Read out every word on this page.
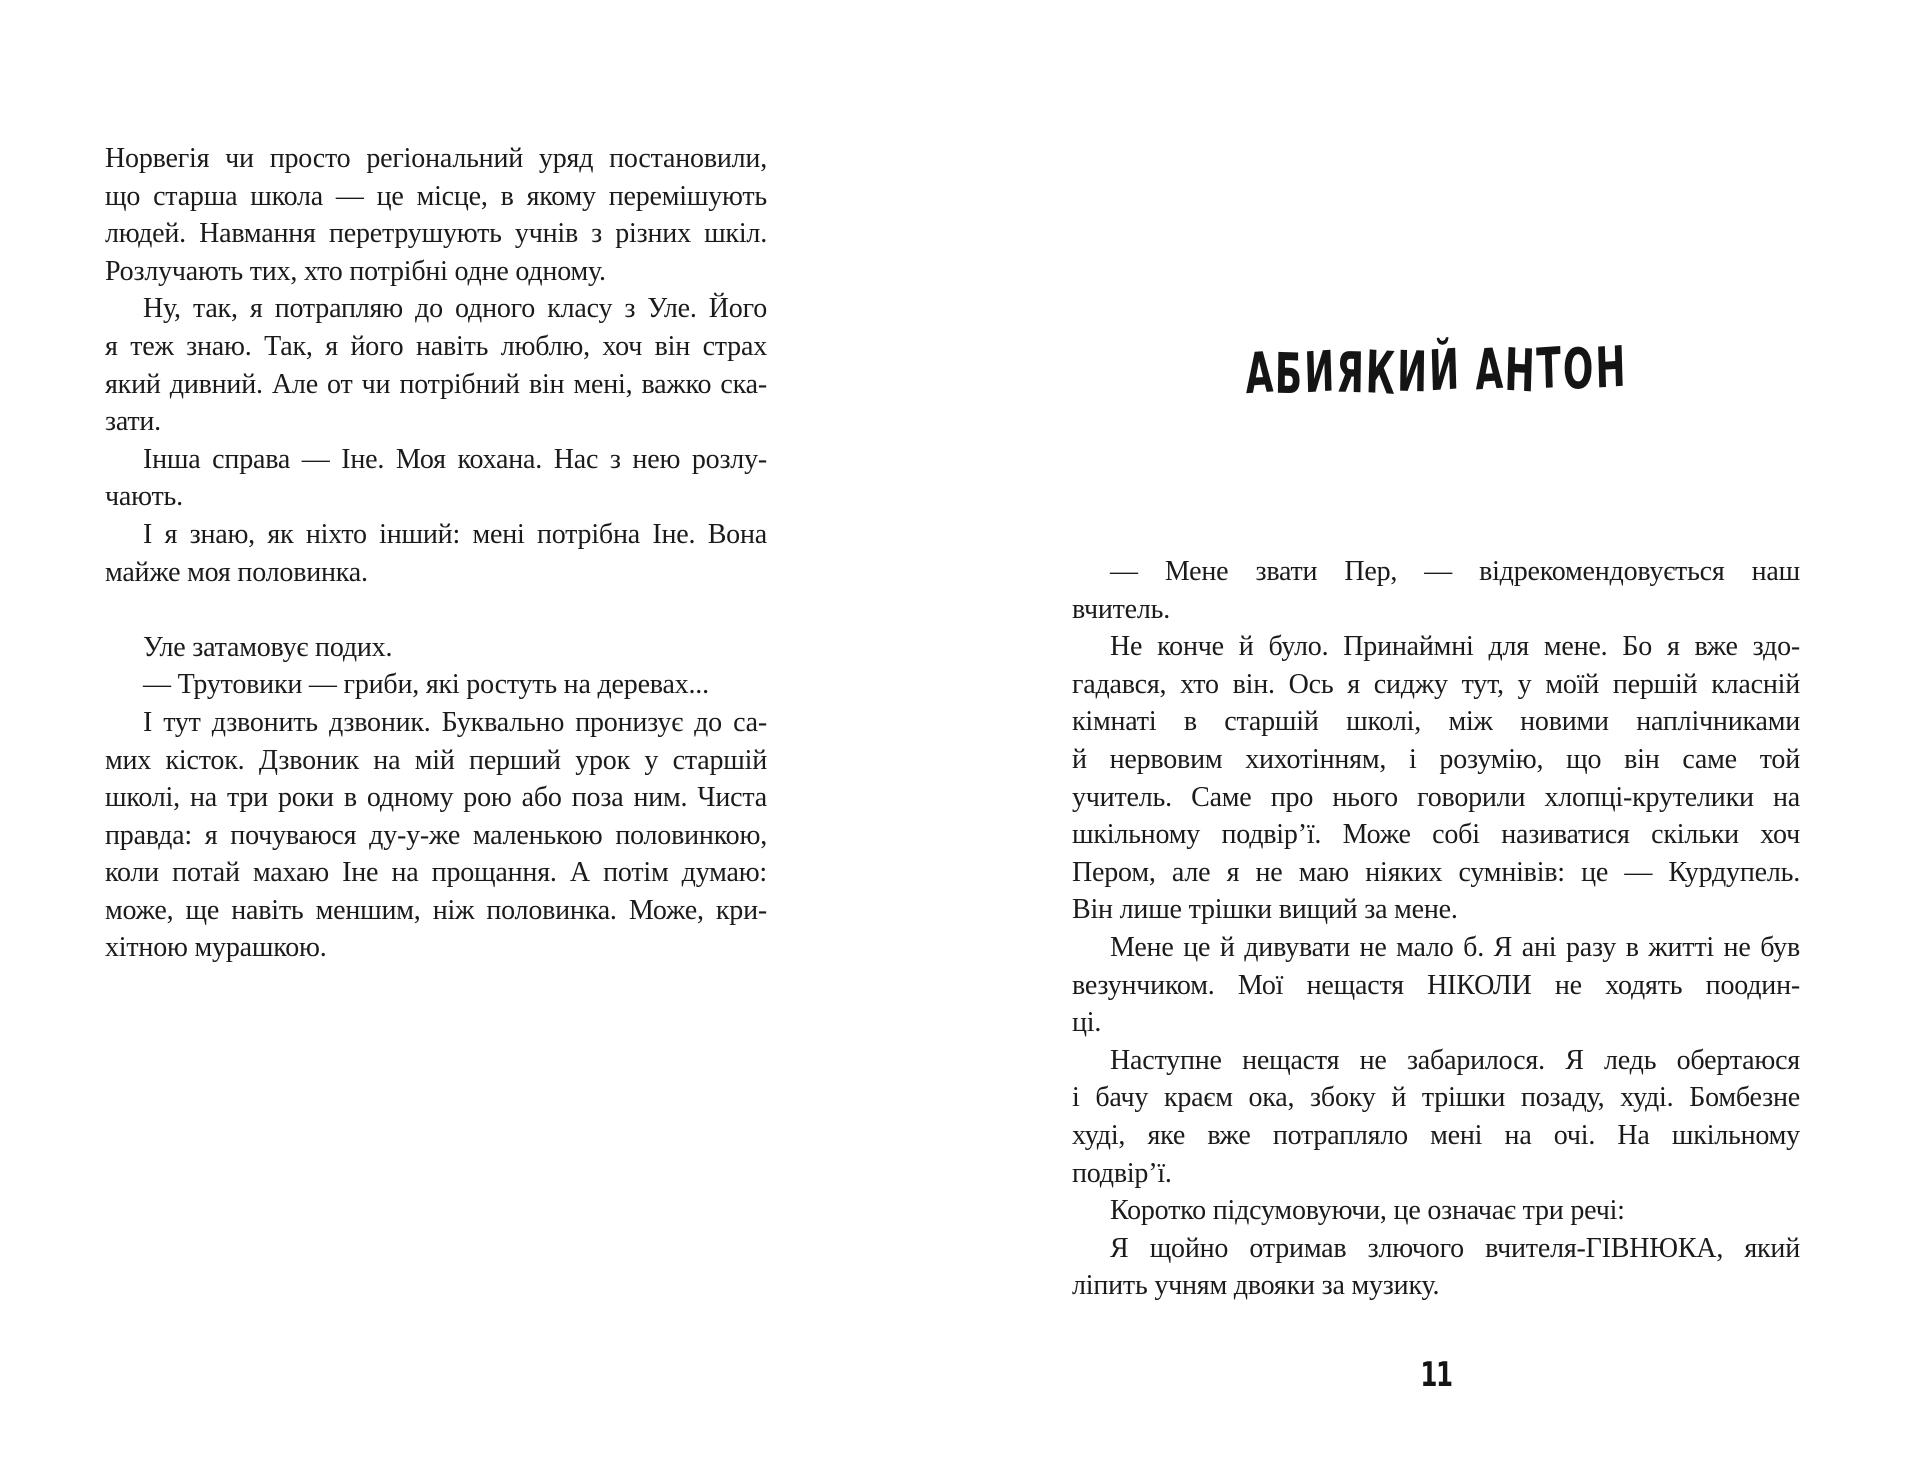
Норвегія чи просто регіональний уряд постановили,
що старша школа — це місце, в якому перемішують
людей. Навмання перетрушують учнів з різних шкіл.
Розлучають тих, хто потрібні одне одному.
Ну, так, я потрапляю до одного класу з Уле. Його
я теж знаю. Так, я його навіть люблю, хоч він страх
який дивний. Але от чи потрібний він мені, важко ска-
зати.
Інша справа — Іне. Моя кохана. Нас з нею розлу-
чають.
І я знаю, як ніхто інший: мені потрібна Іне. Вона
майже моя половинка.

Уле затамовує подих.
— Трутовики — гриби, які ростуть на деревах...
І тут дзвонить дзвоник. Буквально пронизує до са-
мих кісток. Дзвоник на мій перший урок у старшій
школі, на три роки в одному рою або поза ним. Чиста
правда: я почуваюся ду-у-же маленькою половинкою,
коли потай махаю Іне на прощання. А потім думаю:
може, ще навіть меншим, ніж половинка. Може, кри-
хітною мурашкою.
АБИЯКИЙ АНТОН
— Мене звати Пер, — відрекомендовується наш
вчитель.
Не конче й було. Принаймні для мене. Бо я вже здо-
гадався, хто він. Ось я сиджу тут, у моїй першій класній
кімнаті в старшій школі, між новими наплічниками
й нервовим хихотінням, і розумію, що він саме той
учитель. Саме про нього говорили хлопці-крутелики на
шкільному подвір’ї. Може собі називатися скільки хоч
Пером, але я не маю ніяких сумнівів: це — Курдупель.
Він лише трішки вищий за мене.
Мене це й дивувати не мало б. Я ані разу в житті не був
везунчиком. Мої нещастя НІКОЛИ не ходять поодин-
ці.
Наступне нещастя не забарилося. Я ледь обертаюся
і бачу краєм ока, збоку й трішки позаду, худі. Бомбезне
худі, яке вже потрапляло мені на очі. На шкільному
подвір’ї.
Коротко підсумовуючи, це означає три речі:
Я щойно отримав злючого вчителя-ГІВНЮКА, який
ліпить учням двояки за музику.
11
